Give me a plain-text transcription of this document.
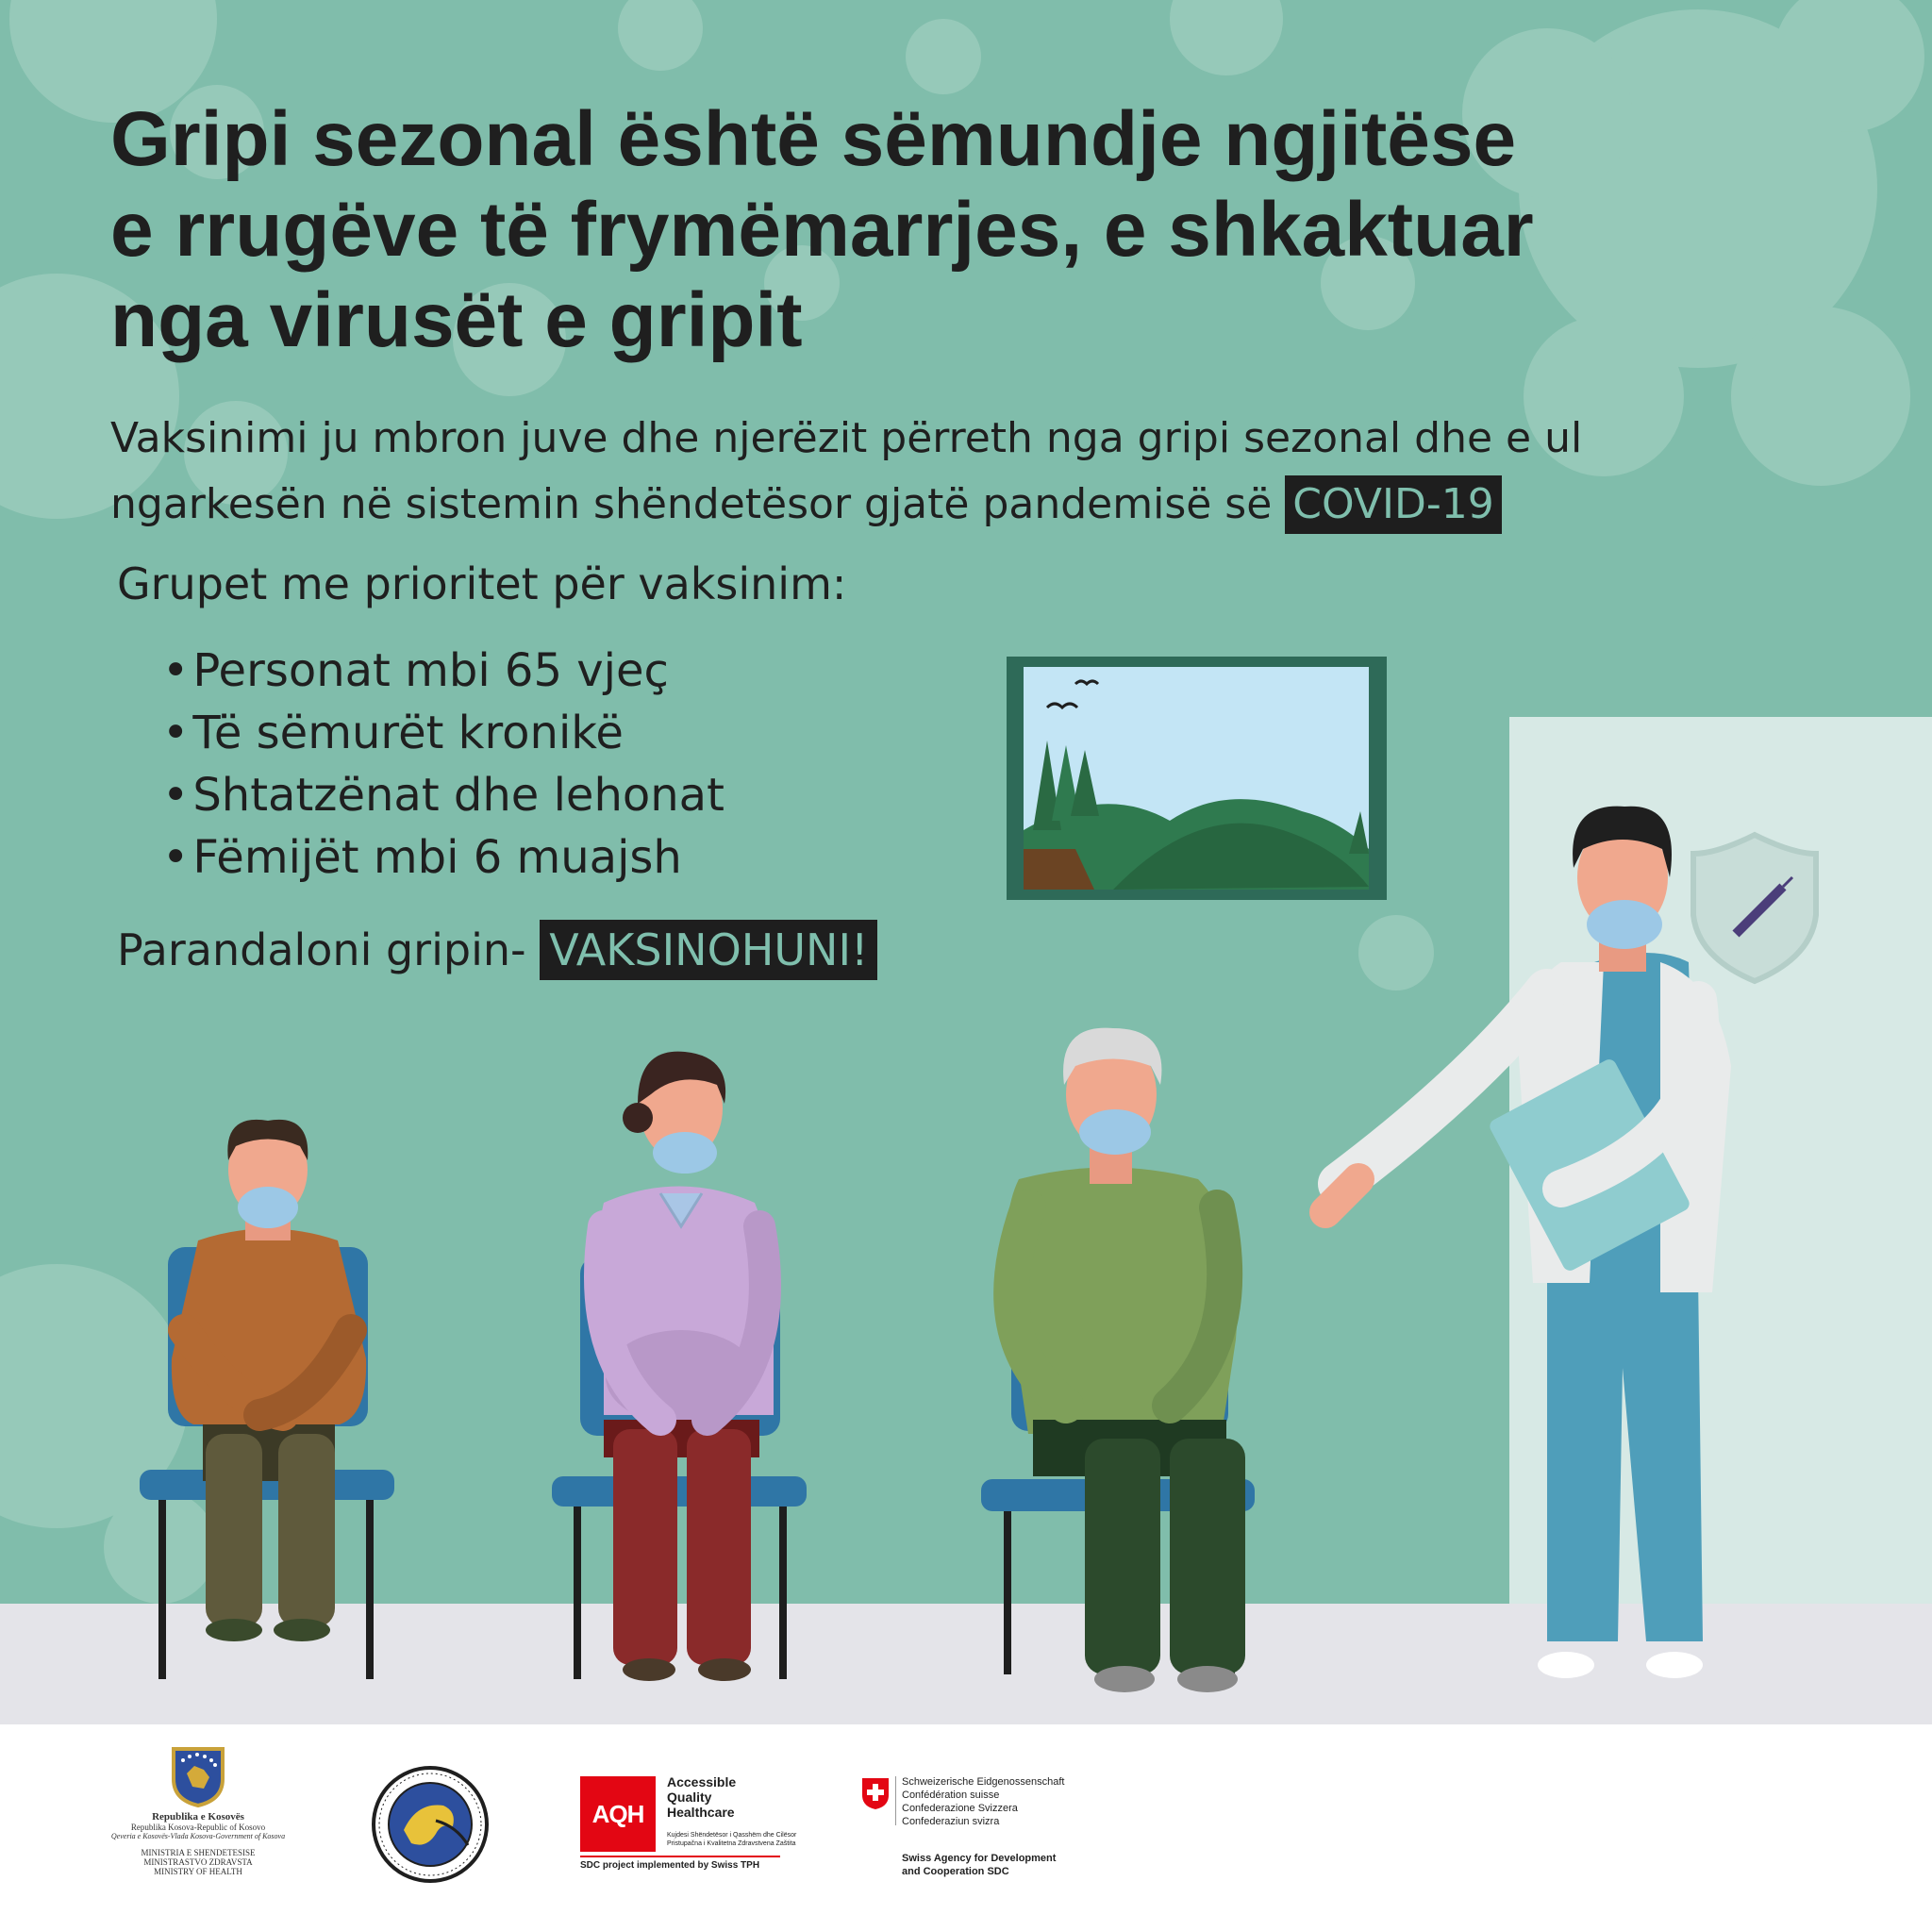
Gripi sezonal është sëmundje ngjitëse
e rrugëve të frymëmarrjes, e shkaktuar
nga virusët e gripit
Vaksinimi ju mbron juve dhe njerëzit përreth nga gripi sezonal dhe e ul
ngarkesën në sistemin shëndetësor gjatë pandemisë së COVID-19
Grupet me prioritet për vaksinim:
• Personat mbi 65 vjeç
• Të sëmurët kronikë
• Shtatzënat dhe lehonat
• Fëmijët mbi 6 muajsh
Parandaloni gripin- VAKSINOHUNI!
Republika e Kosovës
Republika Kosova-Republic of Kosovo
Qeveria e Kosovës-Vlada Kosova-Government of Kosova
MINISTRIA E SHENDETESISE
MINISTRASTVO ZDRAVSTA
MINISTRY OF HEALTH
AQH
Accessible
Quality
Healthcare
Kujdesi Shëndetësor i Qasshëm dhe Cilësor
Pristupačna i Kvalitetna Zdravstvena Zaštita
SDC project implemented by Swiss TPH
Schweizerische Eidgenossenschaft
Confédération suisse
Confederazione Svizzera
Confederaziun svizra
Swiss Agency for Development
and Cooperation SDC
